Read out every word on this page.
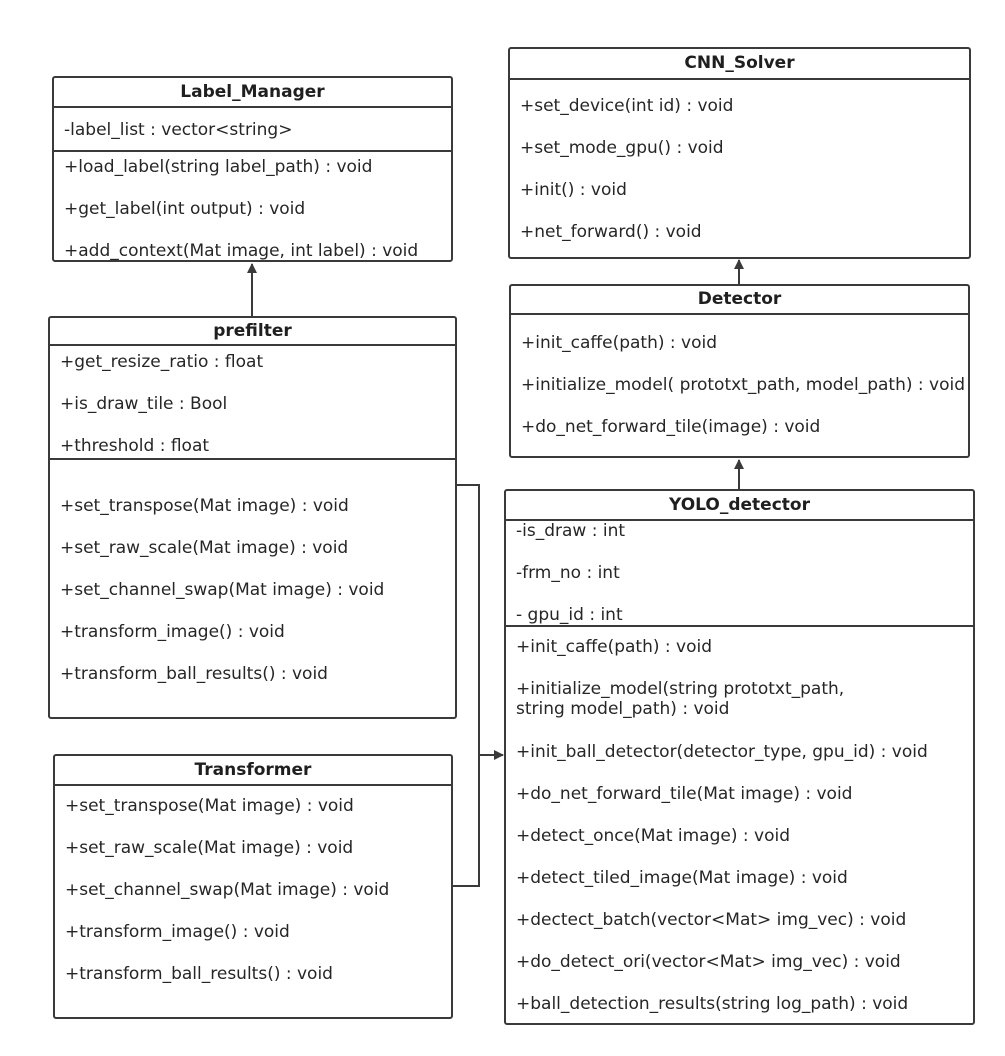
Label_Manager
-label_list : vector<string>
+load_label(string label_path) : void
+get_label(int output) : void
+add_context(Mat image, int label) : void
CNN_Solver
+set_device(int id) : void
+set_mode_gpu() : void
+init() : void
+net_forward() : void
prefilter
+get_resize_ratio : float
+is_draw_tile : Bool
+threshold : float
+set_transpose(Mat image) : void
+set_raw_scale(Mat image) : void
+set_channel_swap(Mat image) : void
+transform_image() : void
+transform_ball_results() : void
Detector
+init_caffe(path) : void
+initialize_model( prototxt_path, model_path) : void
+do_net_forward_tile(image) : void
YOLO_detector
-is_draw : int
-frm_no : int
- gpu_id : int
+init_caffe(path) : void
+initialize_model(string prototxt_path, string model_path) : void
+init_ball_detector(detector_type, gpu_id) : void
+do_net_forward_tile(Mat image) : void
+detect_once(Mat image) : void
+detect_tiled_image(Mat image) : void
+dectect_batch(vector<Mat> img_vec) : void
+do_detect_ori(vector<Mat> img_vec) : void
+ball_detection_results(string log_path) : void
Transformer
+set_transpose(Mat image) : void
+set_raw_scale(Mat image) : void
+set_channel_swap(Mat image) : void
+transform_image() : void
+transform_ball_results() : void
